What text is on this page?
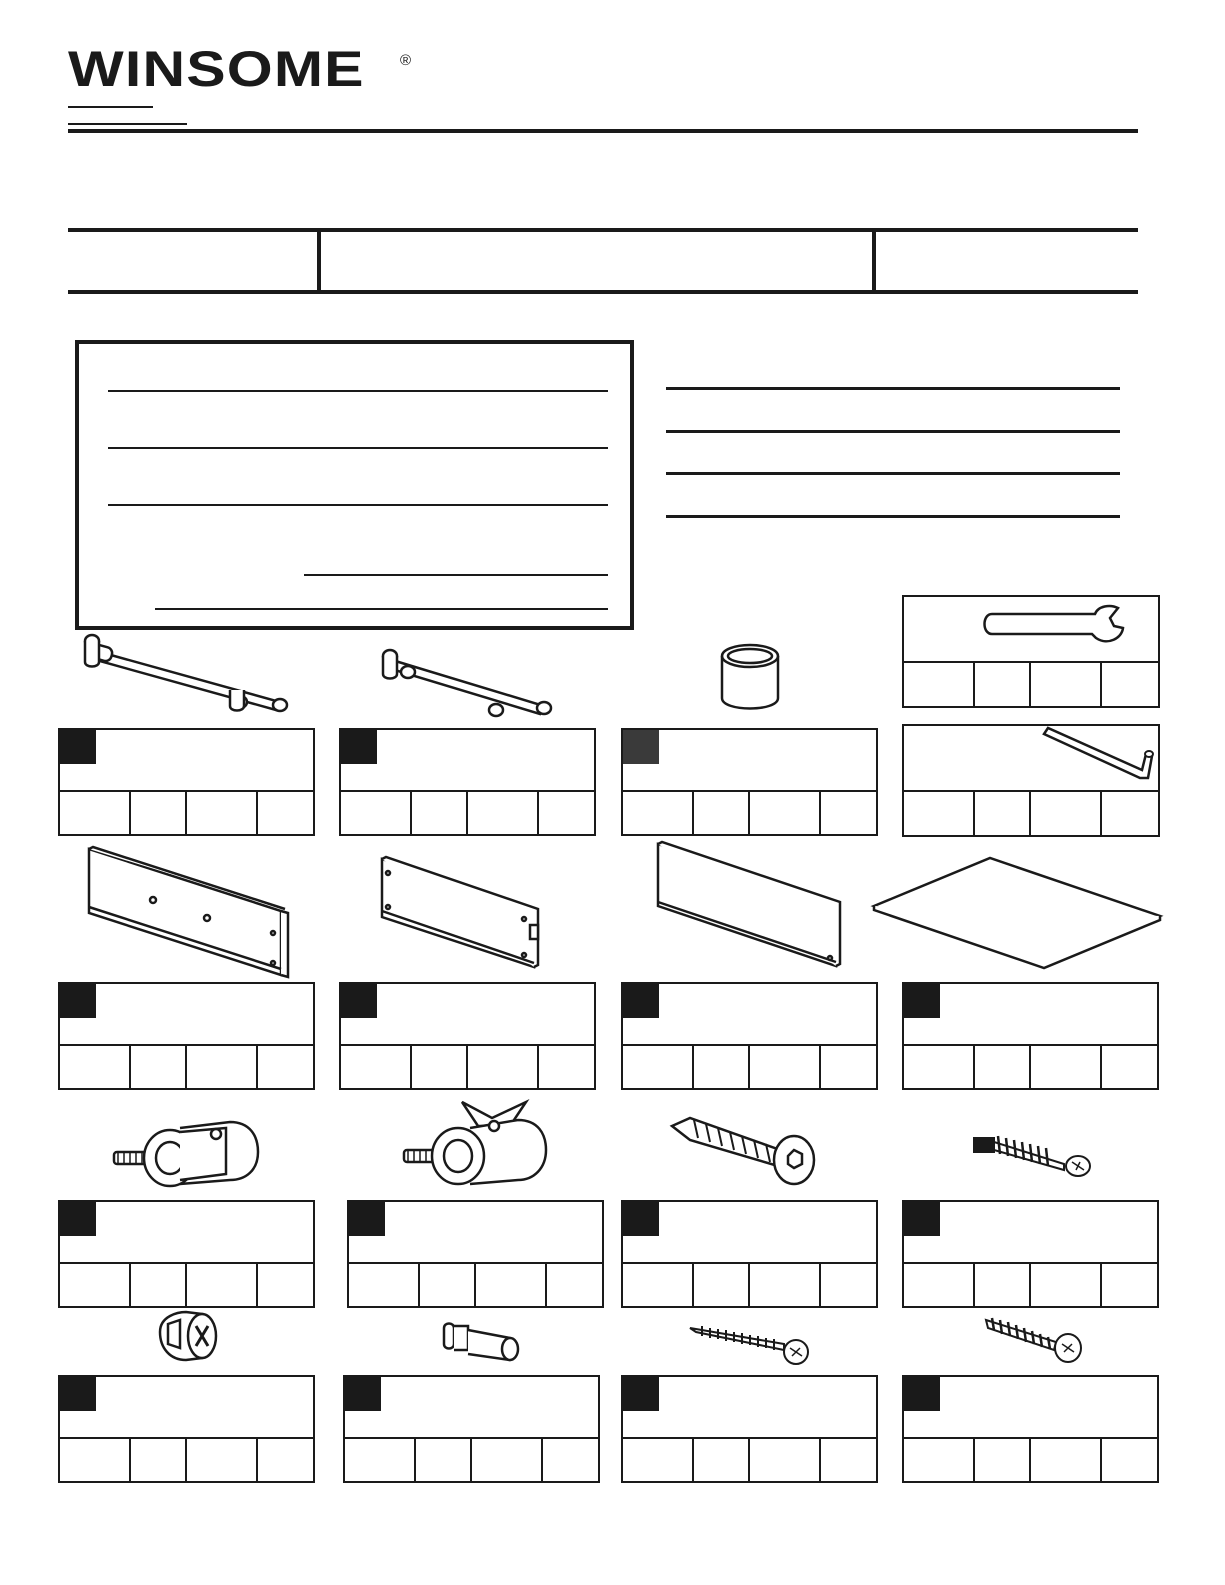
WINSOME ®
